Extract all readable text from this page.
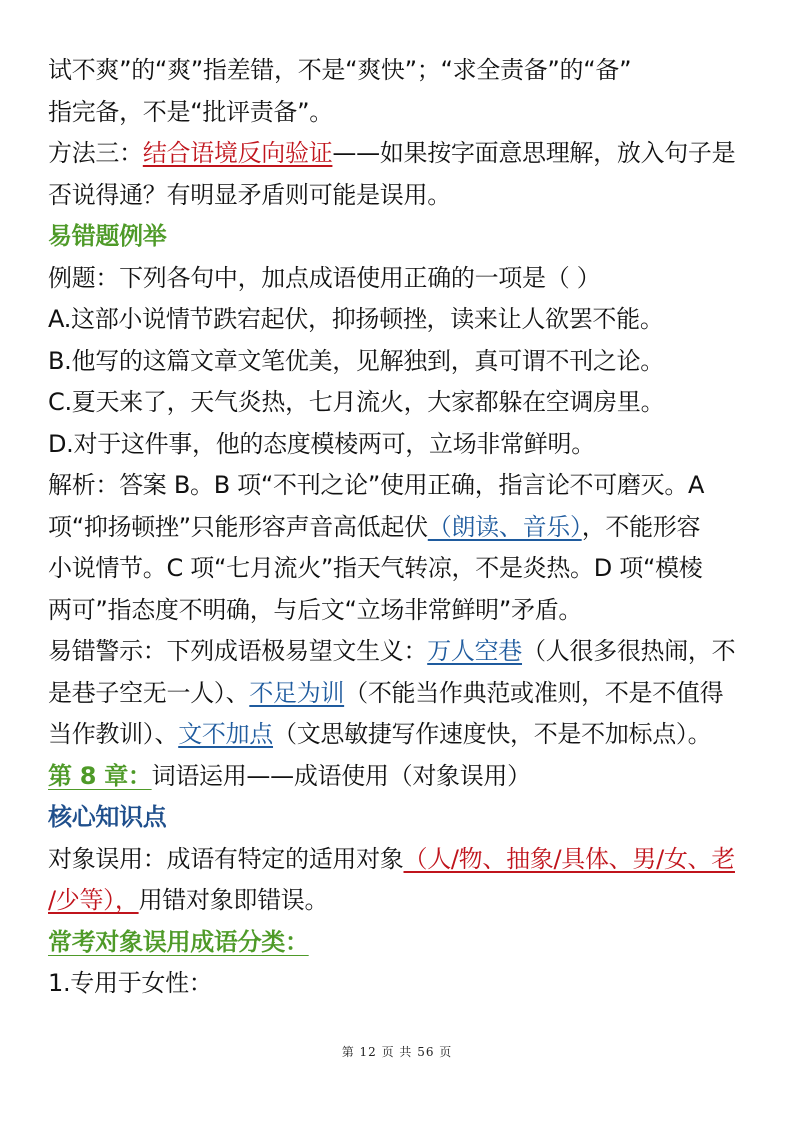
试不爽”的“爽”指差错，不是“爽快”；“求全责备”的“备”
指完备，不是“批评责备”。
方法三：结合语境反向验证——如果按字面意思理解，放入句子是
否说得通？有明显矛盾则可能是误用。
易错题例举
例题：下列各句中，加点成语使用正确的一项是（ ）
A.这部小说情节跌宕起伏，抑扬顿挫，读来让人欲罢不能。
B.他写的这篇文章文笔优美，见解独到，真可谓不刊之论。
C.夏天来了，天气炎热，七月流火，大家都躲在空调房里。
D.对于这件事，他的态度模棱两可，立场非常鲜明。
解析：答案 B。B 项“不刊之论”使用正确，指言论不可磨灭。A
项“抑扬顿挫”只能形容声音高低起伏（朗读、音乐），不能形容
小说情节。C 项“七月流火”指天气转凉，不是炎热。D 项“模棱
两可”指态度不明确，与后文“立场非常鲜明”矛盾。
易错警示：下列成语极易望文生义：万人空巷（人很多很热闹，不
是巷子空无一人）、不足为训（不能当作典范或准则，不是不值得
当作教训）、文不加点（文思敏捷写作速度快，不是不加标点）。
第 8 章：词语运用——成语使用（对象误用）
核心知识点
对象误用：成语有特定的适用对象（人/物、抽象/具体、男/女、老
/少等），用错对象即错误。
常考对象误用成语分类：
1.专用于女性：
第 12 页 共 56 页
